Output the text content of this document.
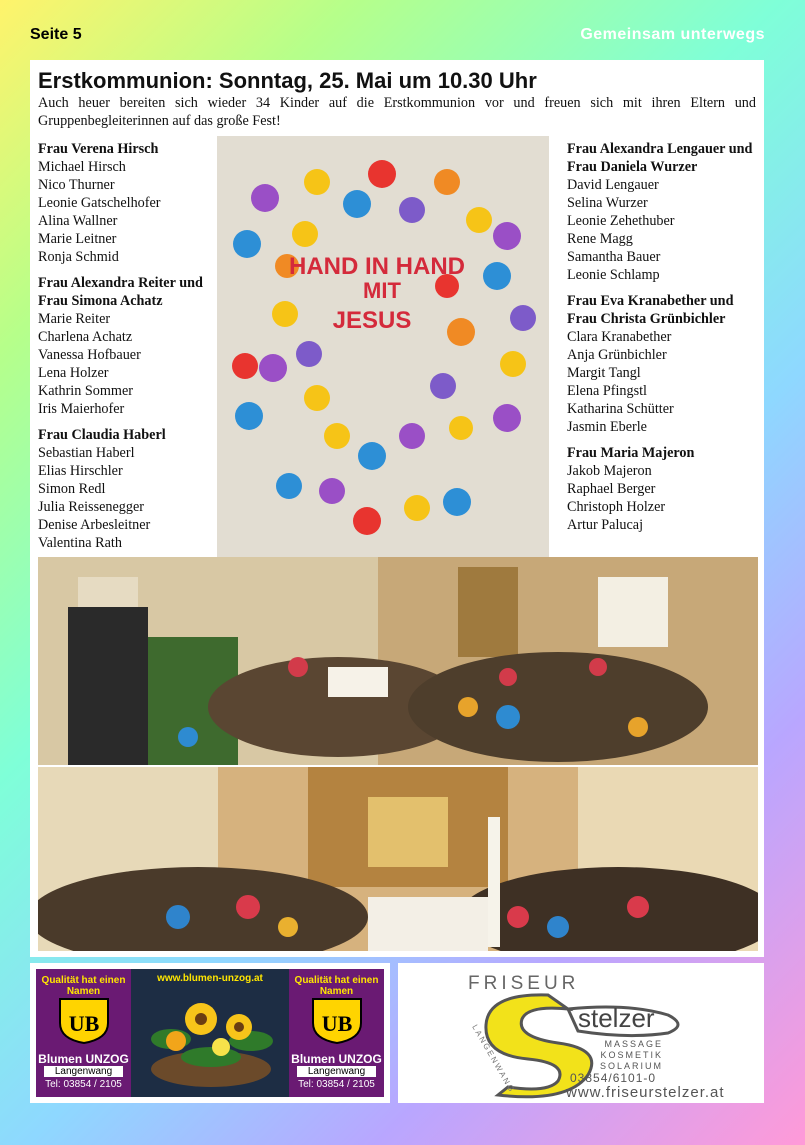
Seite 5	Gemeinsam unterwegs
Erstkommunion: Sonntag, 25. Mai um 10.30 Uhr

Auch heuer bereiten sich wieder 34 Kinder auf die Erstkommunion vor und freuen sich mit ihren Eltern und Gruppenbegleiterinnen auf das große Fest!

Frau Verena Hirsch
Michael Hirsch
Nico Thurner
Leonie Gatschelhofer
Alina Wallner
Marie Leitner
Ronja Schmid
Frau Alexandra Reiter und Frau Simona Achatz
Marie Reiter
Charlena Achatz
Vanessa Hofbauer
Lena Holzer
Kathrin Sommer
Iris Maierhofer
Frau Claudia Haberl
Sebastian Haberl
Elias Hirschler
Simon Redl
Julia Reissenegger
Denise Arbesleitner
Valentina Rath
HAND IN HAND
MIT
JESUS
Frau Alexandra Lengauer und Frau Daniela Wurzer
David Lengauer
Selina Wurzer
Leonie Zehethuber
Rene Magg
Samantha Bauer
Leonie Schlamp
Frau Eva Kranabether und Frau Christa Grünbichler
Clara Kranabether
Anja Grünbichler
Margit Tangl
Elena Pfingstl
Katharina Schütter
Jasmin Eberle
Frau Maria Majeron
Jakob Majeron
Raphael Berger
Christoph Holzer
Artur Palucaj
Qualität hat einen Namen
UB
Blumen UNZOG
Langenwang
Tel: 03854 / 2105
www.blumen-unzog.at	Qualität hat einen Namen
UB
Blumen UNZOG
Langenwang
Tel: 03854 / 2105
FRISEUR
stelzer
MASSAGE
KOSMETIK
SOLARIUM
LANGENWANG	03854/6101-0
www.friseurstelzer.at
